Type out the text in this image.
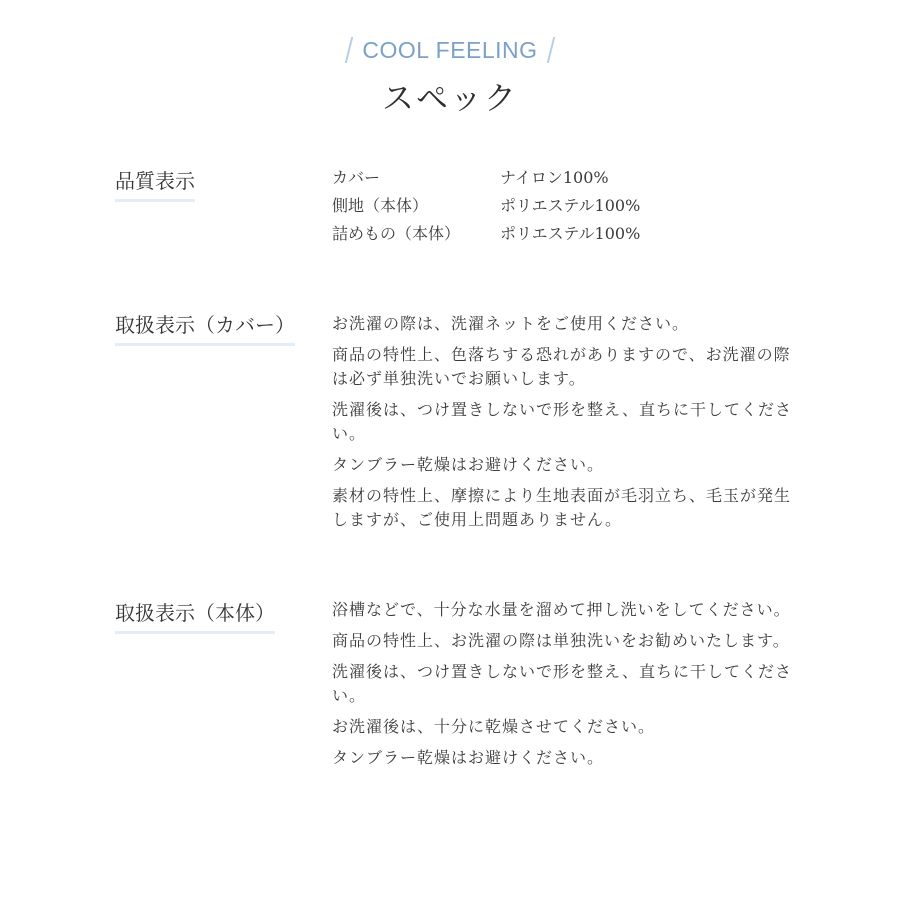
COOL FEELING
スペック
品質表示	カバー	ナイロン100%
側地（本体）	ポリエステル100%
詰めもの（本体）	ポリエステル100%
取扱表示（カバー） お洗濯の際は、洗濯ネットをご使用ください。

商品の特性上、色落ちする恐れがありますので、お洗濯の際は必ず単独洗いでお願いします。

洗濯後は、つけ置きしないで形を整え、直ちに干してください。

タンブラー乾燥はお避けください。

素材の特性上、摩擦により生地表面が毛羽立ち、毛玉が発生しますが、ご使用上問題ありません。

取扱表示（本体）	浴槽などで、十分な水量を溜めて押し洗いをしてください。

商品の特性上、お洗濯の際は単独洗いをお勧めいたします。

洗濯後は、つけ置きしないで形を整え、直ちに干してください。

お洗濯後は、十分に乾燥させてください。

タンブラー乾燥はお避けください。
